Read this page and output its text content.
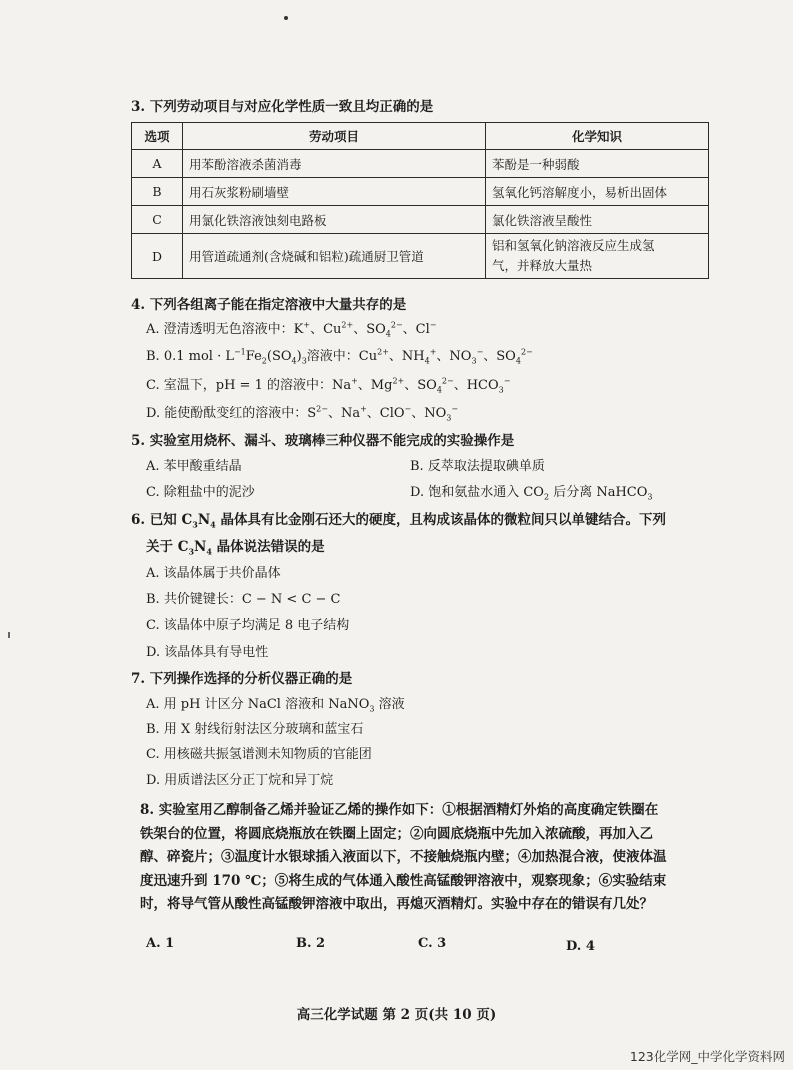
3. 下列劳动项目与对应化学性质一致且均正确的是
选项	劳动项目	化学知识
A	用苯酚溶液杀菌消毒	苯酚是一种弱酸
B	用石灰浆粉刷墙壁	氢氧化钙溶解度小，易析出固体
C	用氯化铁溶液蚀刻电路板	氯化铁溶液呈酸性
D	用管道疏通剂(含烧碱和铝粒)疏通厨卫管道	铝和氢氧化钠溶液反应生成氢
气，并释放大量热
4. 下列各组离子能在指定溶液中大量共存的是
A. 澄清透明无色溶液中：K+、$Cu^{2+}$、$SO_4^{2-}$、Cl−
B. 0.1 mol · $L^{-1}Fe_2(SO_4)_3$溶液中：$Cu^{2+}$、$NH_4^+$、$NO_3^-$、$SO_4^{2-}$
C. 室温下，pH = 1 的溶液中：Na+、$Mg^{2+}$、$SO_4^{2-}$、$HCO_3^-$
D. 能使酚酞变红的溶液中：$S^{2-}$、Na+、ClO−、$NO_3^-$
5. 实验室用烧杯、漏斗、玻璃棒三种仪器不能完成的实验操作是
A. 苯甲酸重结晶	B. 反萃取法提取碘单质
C. 除粗盐中的泥沙	D. 饱和氨盐水通入 $CO_2$ 后分离 NaHCO$_3$
6. 已知 $C_3N_4$ 晶体具有比金刚石还大的硬度，且构成该晶体的微粒间只以单键结合。下列
关于 $C_3N_4$ 晶体说法错误的是
A. 该晶体属于共价晶体
B. 共价键键长：C − N < C − C
C. 该晶体中原子均满足 8 电子结构
D. 该晶体具有导电性
7. 下列操作选择的分析仪器正确的是
A. 用 pH 计区分 NaCl 溶液和 NaNO$_3$ 溶液
B. 用 X 射线衍射法区分玻璃和蓝宝石
C. 用核磁共振氢谱测未知物质的官能团
D. 用质谱法区分正丁烷和异丁烷
8. 实验室用乙醇制备乙烯并验证乙烯的操作如下：①根据酒精灯外焰的高度确定铁圈在
铁架台的位置，将圆底烧瓶放在铁圈上固定；②向圆底烧瓶中先加入浓硫酸，再加入乙
醇、碎瓷片；③温度计水银球插入液面以下，不接触烧瓶内壁；④加热混合液，使液体温
度迅速升到 170 ℃；⑤将生成的气体通入酸性高锰酸钾溶液中，观察现象；⑥实验结束
时，将导气管从酸性高锰酸钾溶液中取出，再熄灭酒精灯。实验中存在的错误有几处？
A. 1	B. 2	C. 3	D. 4
高三化学试题 第 2 页(共 10 页)
123化学网_中学化学资料网
